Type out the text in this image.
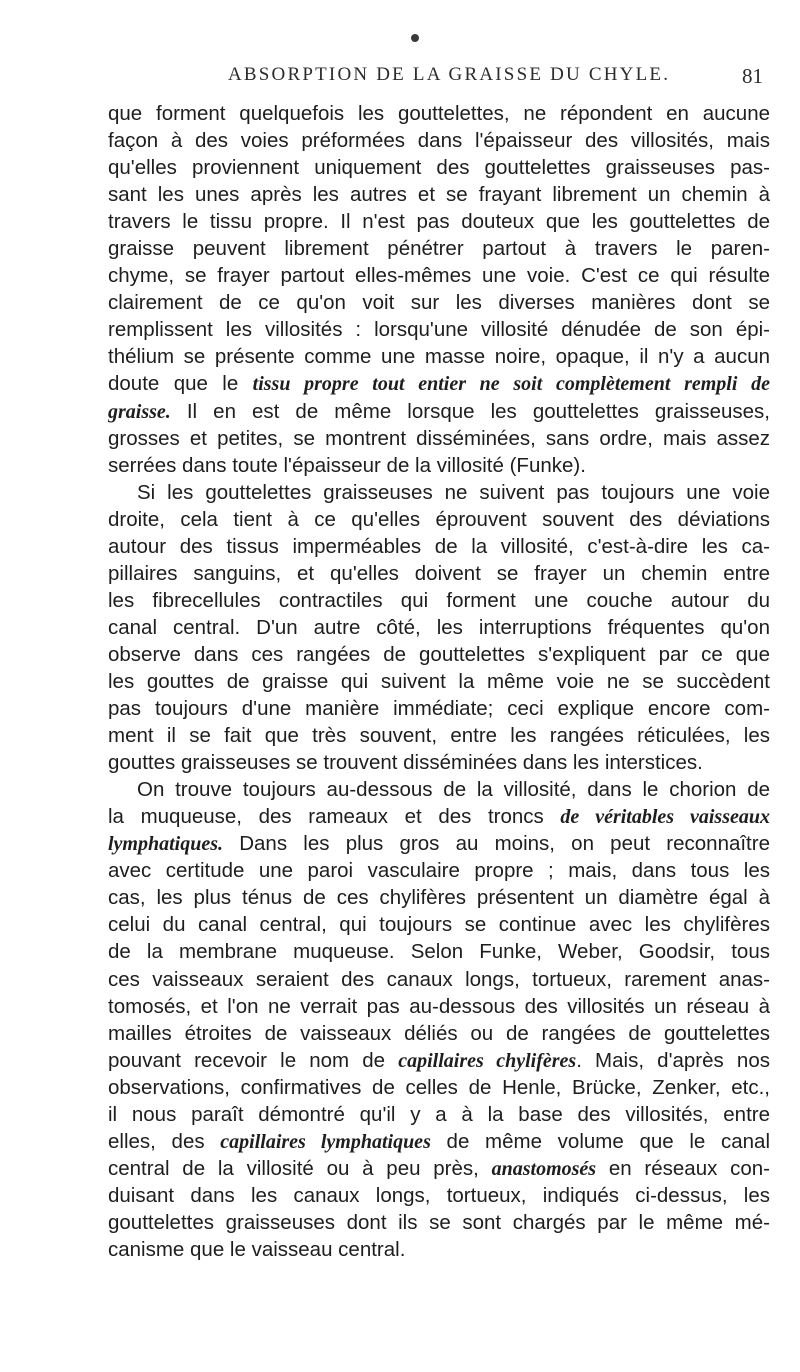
ABSORPTION DE LA GRAISSE DU CHYLE.	81
que forment quelquefois les gouttelettes, ne répondent en aucune
façon à des voies préformées dans l'épaisseur des villosités, mais
qu'elles proviennent uniquement des gouttelettes graisseuses pas-
sant les unes après les autres et se frayant librement un chemin à
travers le tissu propre. Il n'est pas douteux que les gouttelettes de
graisse peuvent librement pénétrer partout à travers le paren-
chyme, se frayer partout elles-mêmes une voie. C'est ce qui résulte
clairement de ce qu'on voit sur les diverses manières dont se
remplissent les villosités : lorsqu'une villosité dénudée de son épi-
thélium se présente comme une masse noire, opaque, il n'y a aucun
doute que le tissu propre tout entier ne soit complètement rempli de
graisse. Il en est de même lorsque les gouttelettes graisseuses,
grosses et petites, se montrent disséminées, sans ordre, mais assez
serrées dans toute l'épaisseur de la villosité (Funke).
Si les gouttelettes graisseuses ne suivent pas toujours une voie
droite, cela tient à ce qu'elles éprouvent souvent des déviations
autour des tissus imperméables de la villosité, c'est-à-dire les ca-
pillaires sanguins, et qu'elles doivent se frayer un chemin entre
les fibrecellules contractiles qui forment une couche autour du
canal central. D'un autre côté, les interruptions fréquentes qu'on
observe dans ces rangées de gouttelettes s'expliquent par ce que
les gouttes de graisse qui suivent la même voie ne se succèdent
pas toujours d'une manière immédiate; ceci explique encore com-
ment il se fait que très souvent, entre les rangées réticulées, les
gouttes graisseuses se trouvent disséminées dans les interstices.
On trouve toujours au-dessous de la villosité, dans le chorion de
la muqueuse, des rameaux et des troncs de véritables vaisseaux
lymphatiques. Dans les plus gros au moins, on peut reconnaître
avec certitude une paroi vasculaire propre ; mais, dans tous les
cas, les plus ténus de ces chylifères présentent un diamètre égal à
celui du canal central, qui toujours se continue avec les chylifères
de la membrane muqueuse. Selon Funke, Weber, Goodsir, tous
ces vaisseaux seraient des canaux longs, tortueux, rarement anas-
tomosés, et l'on ne verrait pas au-dessous des villosités un réseau à
mailles étroites de vaisseaux déliés ou de rangées de gouttelettes
pouvant recevoir le nom de capillaires chylifères. Mais, d'après nos
observations, confirmatives de celles de Henle, Brücke, Zenker, etc.,
il nous paraît démontré qu'il y a à la base des villosités, entre
elles, des capillaires lymphatiques de même volume que le canal
central de la villosité ou à peu près, anastomosés en réseaux con-
duisant dans les canaux longs, tortueux, indiqués ci-dessus, les
gouttelettes graisseuses dont ils se sont chargés par le même mé-
canisme que le vaisseau central.
